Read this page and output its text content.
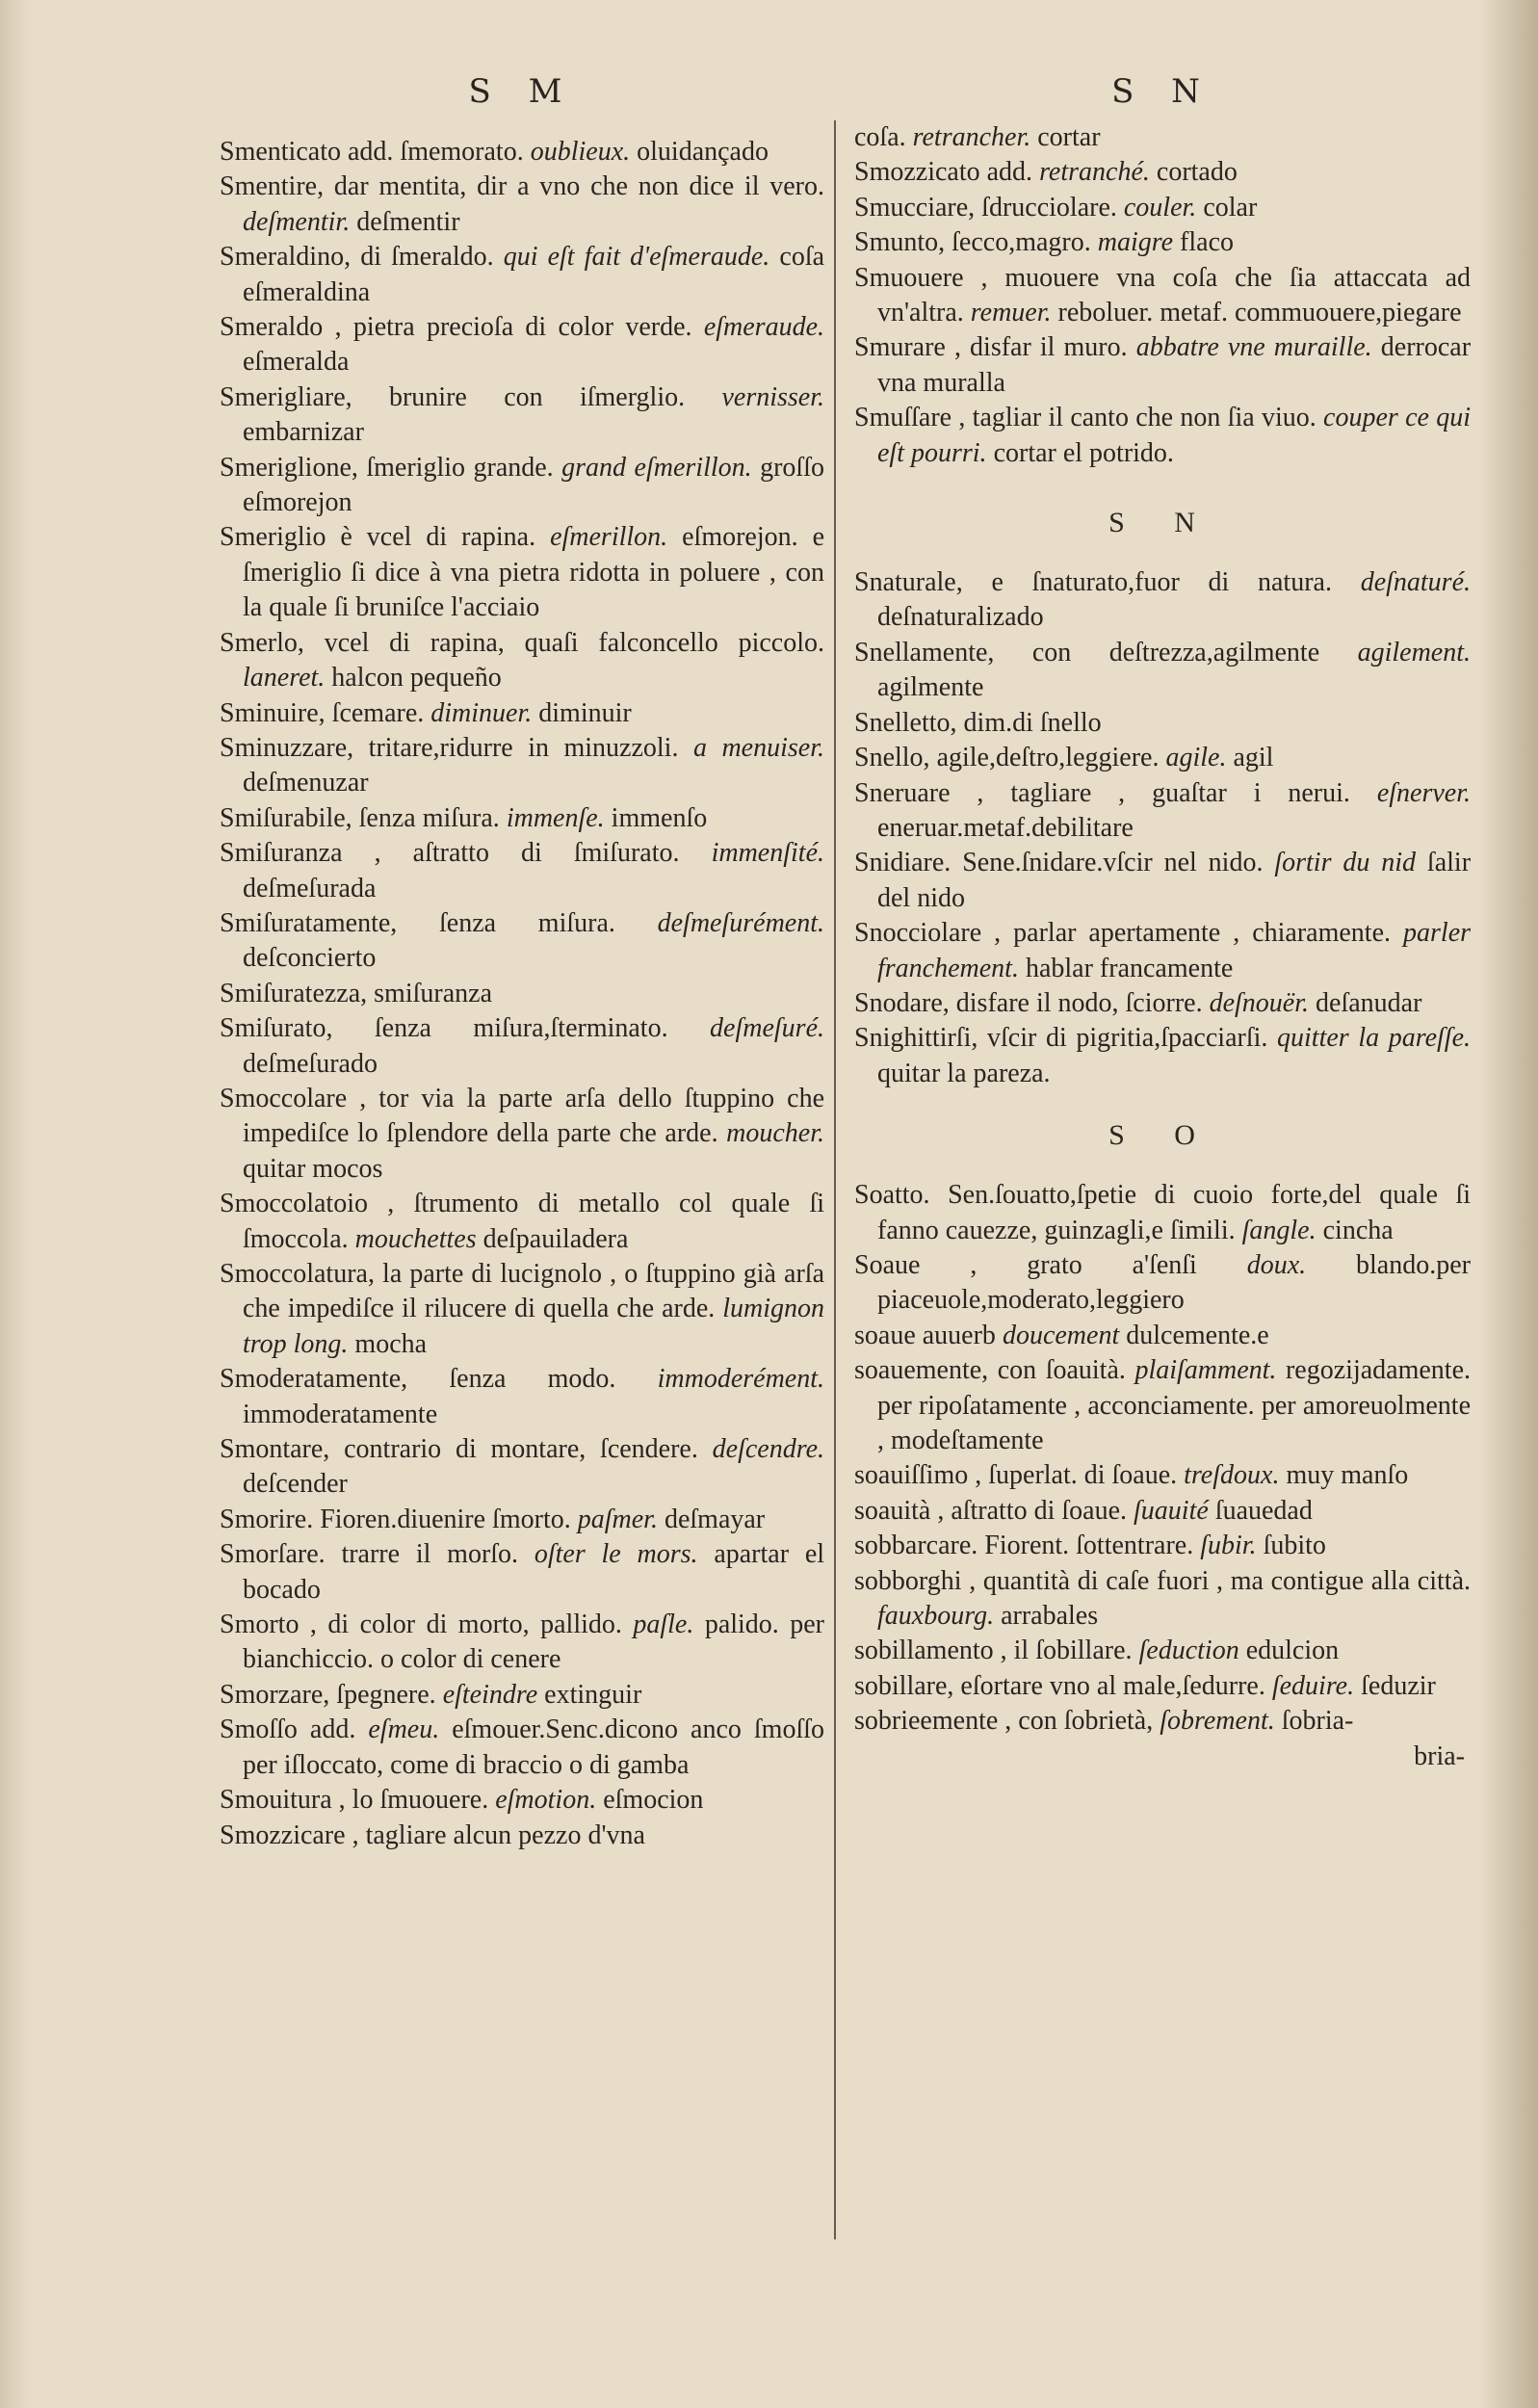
S M	S N

Smenticato add. ſmemorato. oublieux. oluidançado

Smentire, dar mentita, dir a vno che non dice il vero. deſmentir. deſmentir

Smeraldino, di ſmeraldo. qui eſt fait d'eſmeraude. coſa eſmeraldina

Smeraldo , pietra precioſa di color verde. eſmeraude. eſmeralda

Smerigliare, brunire con iſmerglio. vernisser. embarnizar

Smeriglione, ſmeriglio grande. grand eſmerillon. groſſo eſmorejon

Smeriglio è vcel di rapina. eſmerillon. eſmorejon. e ſmeriglio ſi dice à vna pietra ridotta in poluere , con la quale ſi bruniſce l'acciaio

Smerlo, vcel di rapina, quaſi falconcello piccolo. laneret. halcon pequeño

Sminuire, ſcemare. diminuer. diminuir

Sminuzzare, tritare,ridurre in minuzzoli. a menuiser. deſmenuzar

Smiſurabile, ſenza miſura. immenſe. immenſo

Smiſuranza , aſtratto di ſmiſurato. immenſité. deſmeſurada

Smiſuratamente, ſenza miſura. deſmeſurément. deſconcierto

Smiſuratezza, smiſuranza

Smiſurato, ſenza miſura,ſterminato. deſmeſuré. deſmeſurado

Smoccolare , tor via la parte arſa dello ſtuppino che impediſce lo ſplendore della parte che arde. moucher. quitar mocos

Smoccolatoio , ſtrumento di metallo col quale ſi ſmoccola. mouchettes deſpauiladera

Smoccolatura, la parte di lucignolo , o ſtuppino già arſa che impediſce il rilucere di quella che arde. lumignon trop long. mocha

Smoderatamente, ſenza modo. immoderément. immoderatamente

Smontare, contrario di montare, ſcendere. deſcendre. deſcender

Smorire. Fioren.diuenire ſmorto. paſmer. deſmayar

Smorſare. trarre il morſo. oſter le mors. apartar el bocado

Smorto , di color di morto, pallido. paſle. palido. per bianchiccio. o color di cenere

Smorzare, ſpegnere. eſteindre extinguir

Smoſſo add. eſmeu. eſmouer.Senc.dicono anco ſmoſſo per iſloccato, come di braccio o di gamba

Smouitura , lo ſmuouere. eſmotion. eſmocion

Smozzicare , tagliare alcun pezzo d'vna

coſa. retrancher. cortar

Smozzicato add. retranché. cortado

Smucciare, ſdrucciolare. couler. colar

Smunto, ſecco,magro. maigre flaco

Smuouere , muouere vna coſa che ſia attaccata ad vn'altra. remuer. reboluer. metaf. commuouere,piegare

Smurare , disfar il muro. abbatre vne muraille. derrocar vna muralla

Smuſſare , tagliar il canto che non ſia viuo. couper ce qui eſt pourri. cortar el potrido.

S N

Snaturale, e ſnaturato,fuor di natura. deſnaturé. deſnaturalizado

Snellamente, con deſtrezza,agilmente agilement. agilmente

Snelletto, dim.di ſnello

Snello, agile,deſtro,leggiere. agile. agil

Sneruare , tagliare , guaſtar i nerui. eſnerver. eneruar.metaf.debilitare

Snidiare. Sene.ſnidare.vſcir nel nido. ſortir du nid ſalir del nido

Snocciolare , parlar apertamente , chiaramente. parler franchement. hablar francamente

Snodare, disfare il nodo, ſciorre. deſnouër. deſanudar

Snighittirſi, vſcir di pigritia,ſpacciarſi. quitter la pareſſe. quitar la pareza.

S O

Soatto. Sen.ſouatto,ſpetie di cuoio forte,del quale ſi fanno cauezze, guinzagli,e ſimili. ſangle. cincha

Soaue , grato a'ſenſi doux. blando.per piaceuole,moderato,leggiero

soaue auuerb doucement dulcemente.e

soauemente, con ſoauità. plaiſamment. regozijadamente. per ripoſatamente , acconciamente. per amoreuolmente , modeſtamente

soauiſſimo , ſuperlat. di ſoaue. treſdoux. muy manſo

soauità , aſtratto di ſoaue. ſuauité ſuauedad

sobbarcare. Fiorent. ſottentrare. ſubir. ſubito

sobborghi , quantità di caſe fuori , ma contigue alla città. fauxbourg. arrabales

sobillamento , il ſobillare. ſeduction edulcion

sobillare, eſortare vno al male,ſedurre. ſeduire. ſeduzir

sobrieemente , con ſobrietà, ſobrement. ſobria-

bria-
